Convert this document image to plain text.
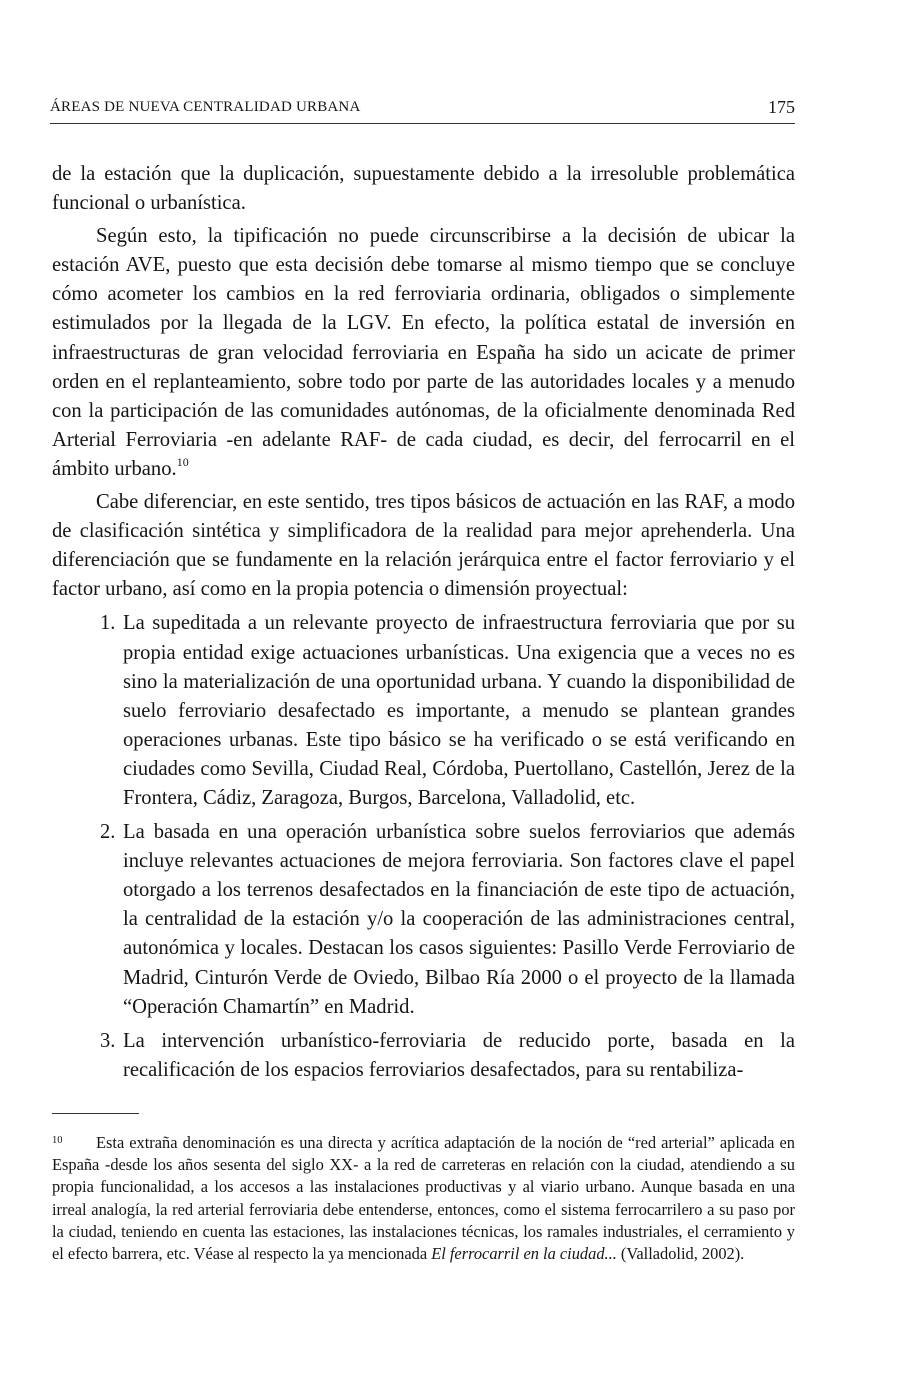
ÁREAS DE NUEVA CENTRALIDAD URBANA	175

de la estación que la duplicación, supuestamente debido a la irresoluble problemática funcional o urbanística.

Según esto, la tipificación no puede circunscribirse a la decisión de ubicar la estación AVE, puesto que esta decisión debe tomarse al mismo tiempo que se concluye cómo acometer los cambios en la red ferroviaria ordinaria, obligados o simplemente estimulados por la llegada de la LGV. En efecto, la política estatal de inversión en infraestructuras de gran velocidad ferroviaria en España ha sido un acicate de primer orden en el replanteamiento, sobre todo por parte de las autoridades locales y a menudo con la participación de las comunidades autónomas, de la oficialmente denominada Red Arterial Ferroviaria -en adelante RAF- de cada ciudad, es decir, del ferrocarril en el ámbito urbano.$^{10}$

Cabe diferenciar, en este sentido, tres tipos básicos de actuación en las RAF, a modo de clasificación sintética y simplificadora de la realidad para mejor aprehenderla. Una diferenciación que se fundamente en la relación jerárquica entre el factor ferroviario y el factor urbano, así como en la propia potencia o dimensión proyectual:

1. La supeditada a un relevante proyecto de infraestructura ferroviaria que por su propia entidad exige actuaciones urbanísticas. Una exigencia que a veces no es sino la materialización de una oportunidad urbana. Y cuando la disponibilidad de suelo ferroviario desafectado es importante, a menudo se plantean grandes operaciones urbanas. Este tipo básico se ha verificado o se está verificando en ciudades como Sevilla, Ciudad Real, Córdoba, Puertollano, Castellón, Jerez de la Frontera, Cádiz, Zaragoza, Burgos, Barcelona, Valladolid, etc.
2. La basada en una operación urbanística sobre suelos ferroviarios que además incluye relevantes actuaciones de mejora ferroviaria. Son factores clave el papel otorgado a los terrenos desafectados en la financiación de este tipo de actuación, la centralidad de la estación y/o la cooperación de las administraciones central, autonómica y locales. Destacan los casos siguientes: Pasillo Verde Ferroviario de Madrid, Cinturón Verde de Oviedo, Bilbao Ría 2000 o el proyecto de la llamada “Operación Chamartín” en Madrid.
3. La intervención urbanístico-ferroviaria de reducido porte, basada en la recalificación de los espacios ferroviarios desafectados, para su rentabiliza-
10	Esta extraña denominación es una directa y acrítica adaptación de la noción de “red arterial” aplicada en España -desde los años sesenta del siglo XX- a la red de carreteras en relación con la ciudad, atendiendo a su propia funcionalidad, a los accesos a las instalaciones productivas y al viario urbano. Aunque basada en una irreal analogía, la red arterial ferroviaria debe entenderse, entonces, como el sistema ferrocarrilero a su paso por la ciudad, teniendo en cuenta las estaciones, las instalaciones técnicas, los ramales industriales, el cerramiento y el efecto barrera, etc. Véase al respecto la ya mencionada El ferrocarril en la ciudad... (Valladolid, 2002).
